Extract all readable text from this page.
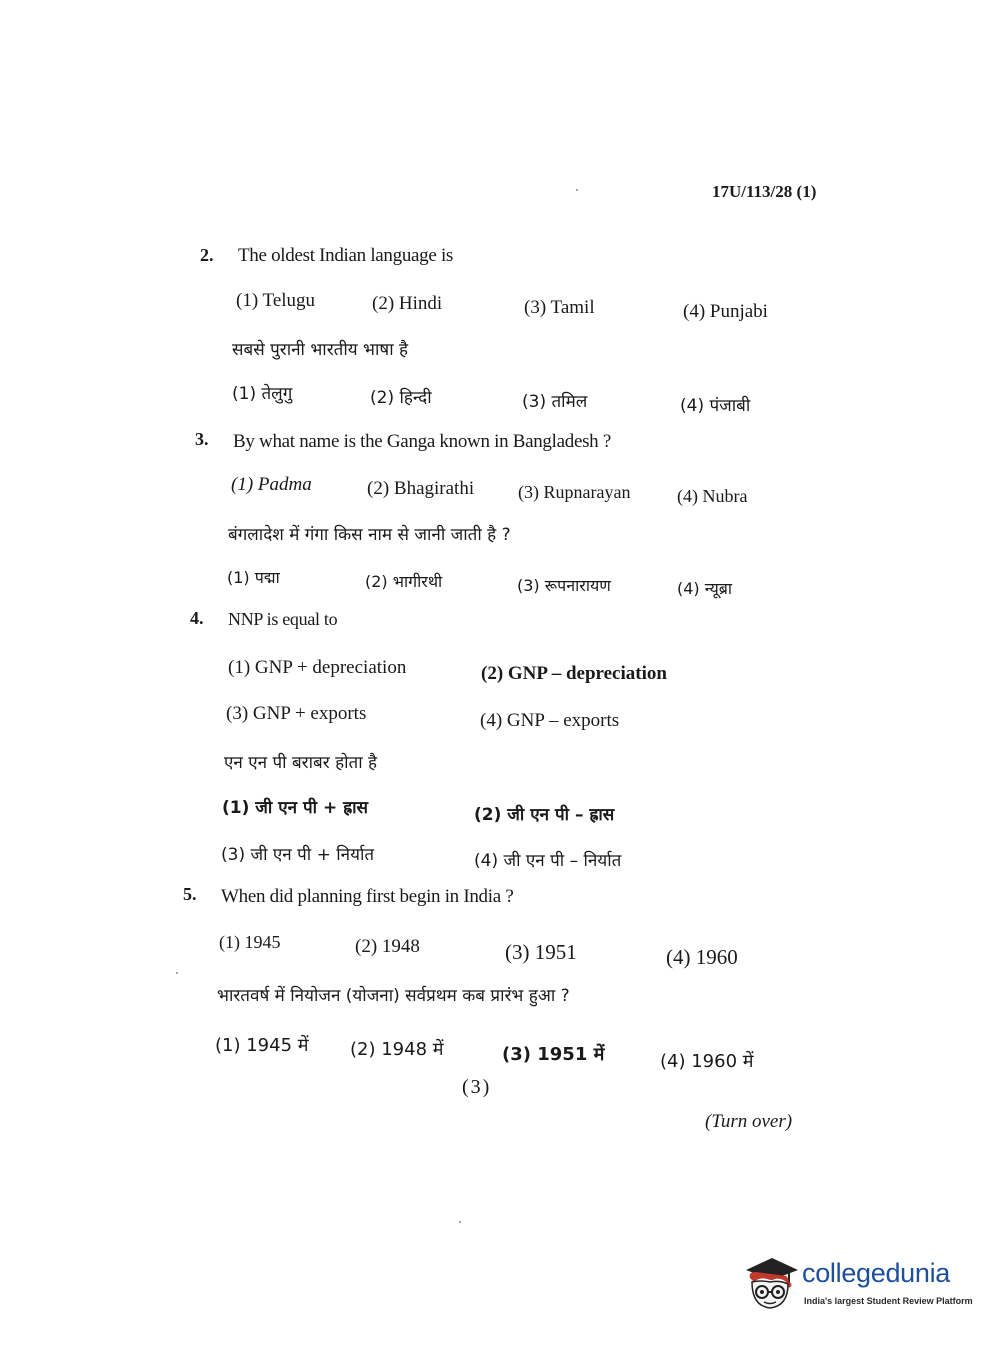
17U/113/28 (1)
2. The oldest Indian language is
(1) Telugu	(2) Hindi	(3) Tamil	(4) Punjabi
सबसे पुरानी भारतीय भाषा है
(1) तेलुगु	(2) हिन्दी	(3) तमिल	(4) पंजाबी
3. By what name is the Ganga known in Bangladesh ?
(1) Padma	(2) Bhagirathi (3) Rupnarayan	(4) Nubra
बंगलादेश में गंगा किस नाम से जानी जाती है ?
(1) पद्मा	(2) भागीरथी	(3) रूपनारायण	(4) न्यूब्रा
4. NNP is equal to
(1) GNP + depreciation	(2) GNP – depreciation
(3) GNP + exports	(4) GNP – exports
एन एन पी बराबर होता है
(1) जी एन पी + ह्रास	(2) जी एन पी – ह्रास
(3) जी एन पी + निर्यात	(4) जी एन पी – निर्यात
5. When did planning first begin in India ?
(1) 1945	(2) 1948	(3) 1951	(4) 1960
भारतवर्ष में नियोजन (योजना) सर्वप्रथम कब प्रारंभ हुआ ?
(1) 1945 में (2) 1948 में	(3) 1951 में	(4) 1960 में
(3)
(Turn over)
collegedunia
India's largest Student Review Platform
